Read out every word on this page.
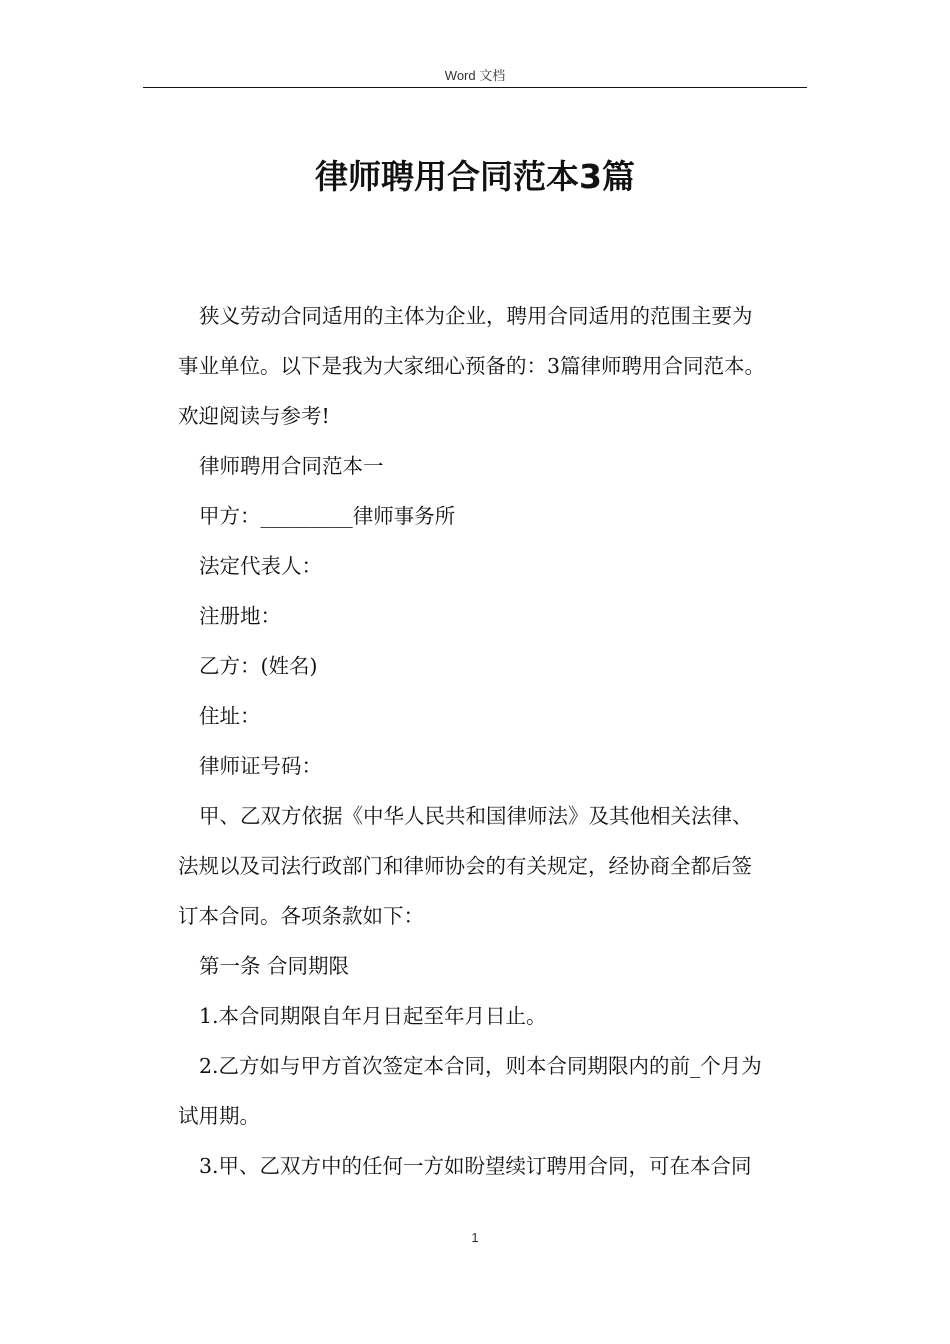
Word 文档
律师聘用合同范本3篇
狭义劳动合同适用的主体为企业，聘用合同适用的范围主要为
事业单位。以下是我为大家细心预备的：3篇律师聘用合同范本。
欢迎阅读与参考!
律师聘用合同范本一
甲方：_________律师事务所
法定代表人：
注册地：
乙方：(姓名)
住址：
律师证号码：
甲、乙双方依据《中华人民共和国律师法》及其他相关法律、
法规以及司法行政部门和律师协会的有关规定，经协商全都后签
订本合同。各项条款如下：
第一条 合同期限
1.本合同期限自年月日起至年月日止。
2.乙方如与甲方首次签定本合同，则本合同期限内的前_个月为
试用期。
3.甲、乙双方中的任何一方如盼望续订聘用合同，可在本合同
1
